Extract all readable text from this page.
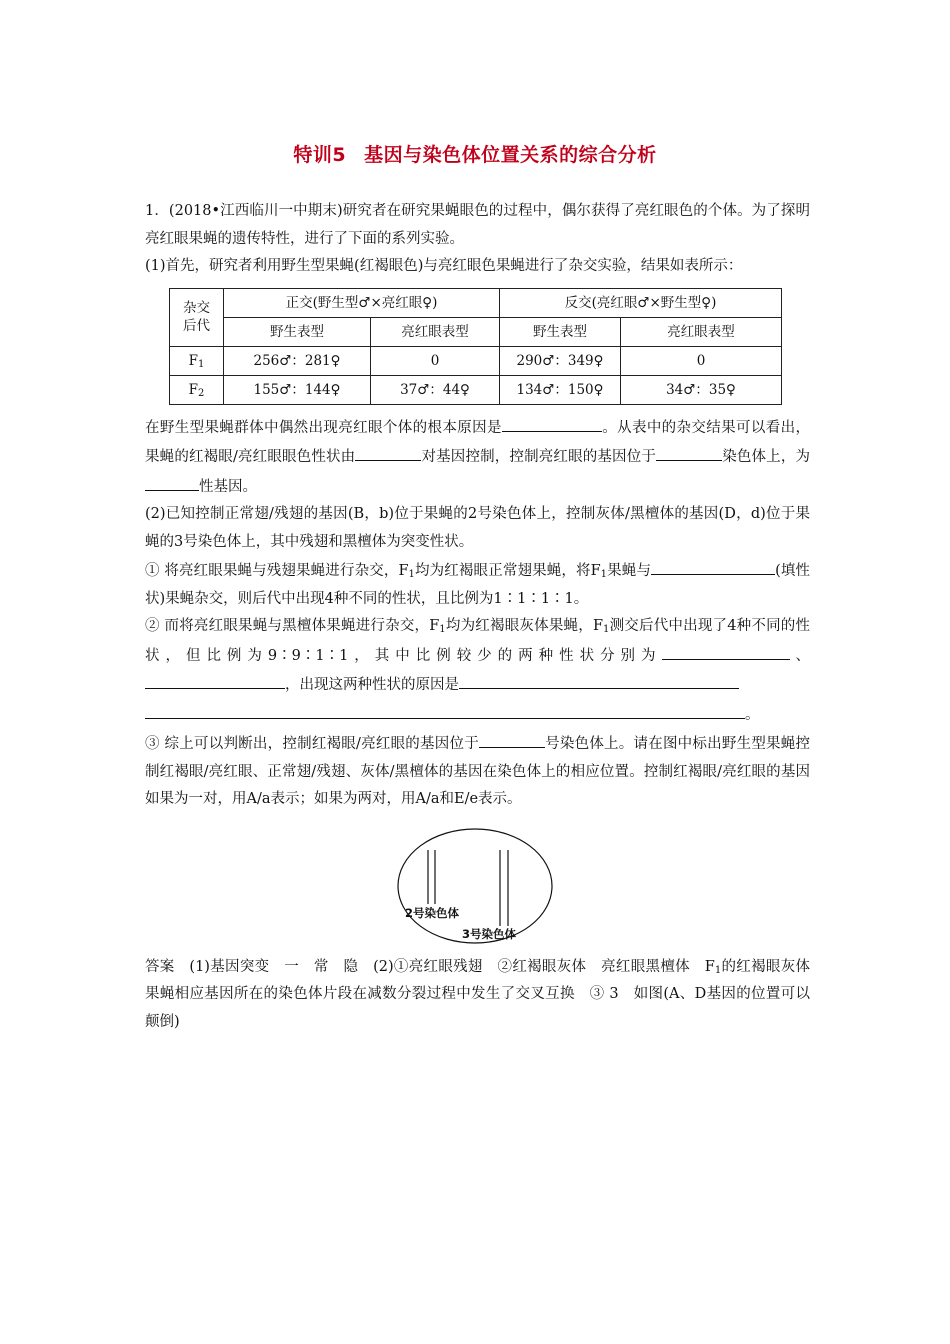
特训5 基因与染色体位置关系的综合分析

1．(2018•江西临川一中期末)研究者在研究果蝇眼色的过程中，偶尔获得了亮红眼色的个体。为了探明亮红眼果蝇的遗传特性，进行了下面的系列实验。

(1)首先，研究者利用野生型果蝇(红褐眼色)与亮红眼色果蝇进行了杂交实验，结果如表所示：

杂交
后代	正交(野生型♂×亮红眼♀)		反交(亮红眼♂×野生型♀)	
	野生表型	亮红眼表型	野生表型	亮红眼表型
$F_1$	256♂：281♀	0	290♂：349♀	0
$F_2$	155♂：144♀	37♂：44♀	134♂：150♀	34♂：35♀

在野生型果蝇群体中偶然出现亮红眼个体的根本原因是	。从表中的杂交结果可以看出，果蝇的红褐眼/亮红眼眼色性状由	对基因控制，控制亮红眼的基因位于	染色体上，为性基因。

(2)已知控制正常翅/残翅的基因(B，b)位于果蝇的2号染色体上，控制灰体/黑檀体的基因(D，d)位于果蝇的3号染色体上，其中残翅和黑檀体为突变性状。

① 将亮红眼果蝇与残翅果蝇进行杂交，$F_1$均为红褐眼正常翅果蝇，将$F_1$果蝇与	(填性状)果蝇杂交，则后代中出现4种不同的性状，且比例为1∶1∶1∶1。

② 而将亮红眼果蝇与黑檀体果蝇进行杂交，$F_1$均为红褐眼灰体果蝇，$F_1$测交后代中出现了4种不同的性状，但比例为9∶9∶1∶1，其中比例较少的两种性状分别为	、，出现这两种性状的原因是
。

③ 综上可以判断出，控制红褐眼/亮红眼的基因位于	号染色体上。请在图中标出野生型果蝇控制红褐眼/亮红眼、正常翅/残翅、灰体/黑檀体的基因在染色体上的相应位置。控制红褐眼/亮红眼的基因如果为一对，用A/a表示；如果为两对，用A/a和E/e表示。

2号染色体
3号染色体

答案　(1)基因突变　一　常　隐　(2)①亮红眼残翅　②红褐眼灰体　亮红眼黑檀体　$F_1$的红褐眼灰体果蝇相应基因所在的染色体片段在减数分裂过程中发生了交叉互换　③ 3　如图(A、D基因的位置可以颠倒)
